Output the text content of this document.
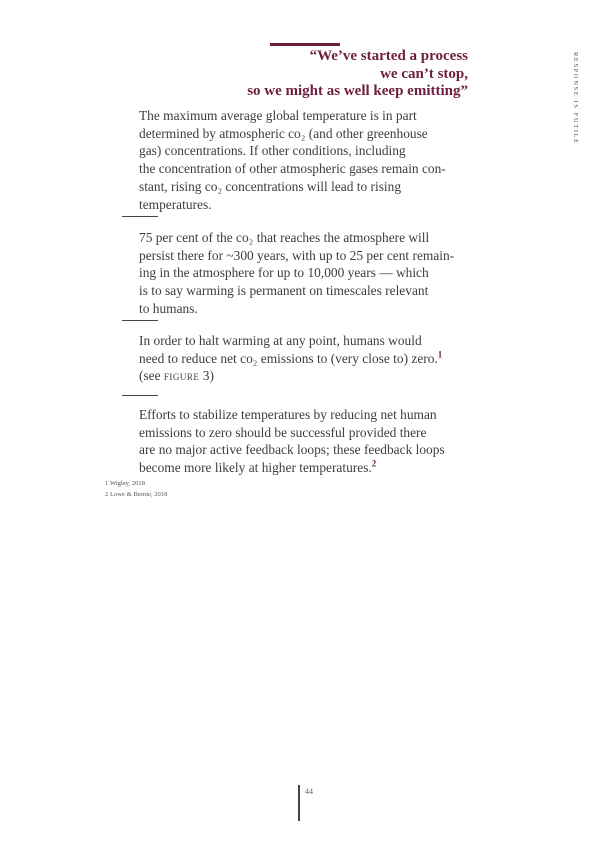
“We’ve started a process
we can’t stop,
so we might as well keep emitting”	RESPONSE IS FUTILE

The maximum average global temperature is in part
determined by atmospheric co₂ (and other greenhouse
gas) concentrations. If other conditions, including
the concentration of other atmospheric gases remain con-
stant, rising co₂ concentrations will lead to rising
temperatures.

75 per cent of the co₂ that reaches the atmosphere will
persist there for ~300 years, with up to 25 per cent remain-
ing in the atmosphere for up to 10,000 years — which
is to say warming is permanent on timescales relevant
to humans.

In order to halt warming at any point, humans would
need to reduce net co₂ emissions to (very close to) zero.$^1$
(see figure 3)

Efforts to stabilize temperatures by reducing net human
emissions to zero should be successful provided there
are no major active feedback loops; these feedback loops
become more likely at higher temperatures.$^2$

1 Wigley, 2018
2 Lowe & Bernie, 2018
44
